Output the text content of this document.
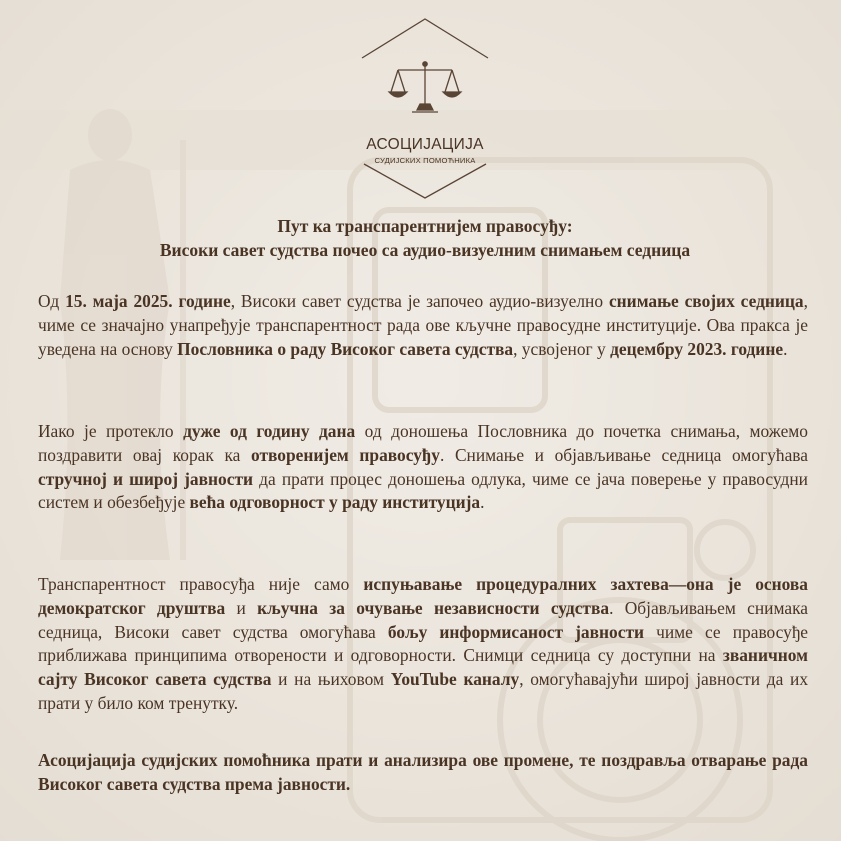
АСОЦИЈАЦИЈА
СУДИЈСКИХ ПОМОЋНИКА
Пут ка транспарентнијем правосуђу:
Високи савет судства почео са аудио-визуелним снимањем седница
Од 15. маја 2025. године, Високи савет судства је започео аудио-визуелно снимање својих седница, чиме се значајно унапређује транспарентност рада ове кључне правосудне институције. Ова пракса је уведена на основу Пословника о раду Високог савета судства, усвојеног у децембру 2023. године.
Иако је протекло дуже од годину дана од доношења Пословника до почетка снимања, можемо поздравити овај корак ка отворенијем правосуђу. Снимање и објављивање седница омогућава стручној и широј јавности да прати процес доношења одлука, чиме се јача поверење у правосудни систем и обезбеђује већа одговорност у раду институција.
Транспарентност правосуђа није само испуњавање процедуралних захтева—она је основа демократског друштва и кључна за очување независности судства. Објављивањем снимака седница, Високи савет судства омогућава бољу информисаност јавности чиме се правосуђе приближава принципима отворености и одговорности. Снимци седница су доступни на званичном сајту Високог савета судства и на њиховом YouTube каналу, омогућавајући широј јавности да их прати у било ком тренутку.
Асоцијација судијских помоћника прати и анализира ове промене, те поздравља отварање рада Високог савета судства према јавности.
